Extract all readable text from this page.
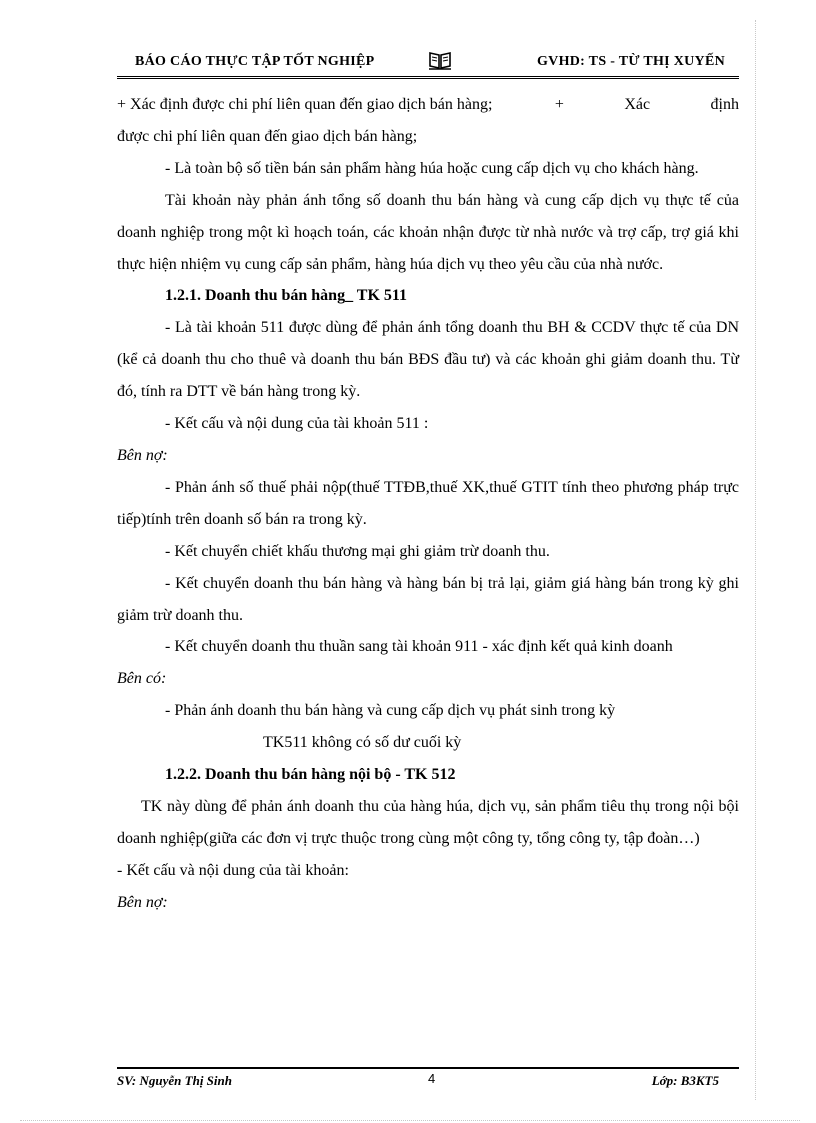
BÁO CÁO THỰC TẬP TỐT NGHIỆP	GVHD: TS - TỪ THỊ XUYẾN
+ Xác định được chi phí liên quan đến giao dịch bán hàng;	+	Xác	định

được chi phí liên quan đến giao dịch bán hàng;

- Là toàn bộ số tiền bán sản phẩm hàng húa hoặc cung cấp dịch vụ cho khách hàng.

Tài khoản này phản ánh tổng số doanh thu bán hàng và cung cấp dịch vụ thực tế của doanh nghiệp trong một kì hoạch toán, các khoản nhận được từ nhà nước và trợ cấp, trợ giá khi thực hiện nhiệm vụ cung cấp sản phẩm, hàng húa dịch vụ theo yêu cầu của nhà nước.

1.2.1. Doanh thu bán hàng_ TK 511

- Là tài khoản 511 được dùng để phản ánh tổng doanh thu BH & CCDV thực tế của DN (kể cả doanh thu cho thuê và doanh thu bán BĐS đầu tư) và các khoản ghi giảm doanh thu. Từ đó, tính ra DTT về bán hàng trong kỳ.

- Kết cấu và nội dung của tài khoản 511 :

Bên nợ:

- Phản ánh số thuế phải nộp(thuế TTĐB,thuế XK,thuế GTIT tính theo phương pháp trực tiếp)tính trên doanh số bán ra trong kỳ.

- Kết chuyển chiết khấu thương mại ghi giảm trừ doanh thu.

- Kết chuyển doanh thu bán hàng và hàng bán bị trả lại, giảm giá hàng bán trong kỳ ghi giảm trừ doanh thu.

- Kết chuyển doanh thu thuần sang tài khoản 911 - xác định kết quả kinh doanh

Bên có:

- Phản ánh doanh thu bán hàng và cung cấp dịch vụ phát sinh trong kỳ

TK511 không có số dư cuối kỳ

1.2.2. Doanh thu bán hàng nội bộ - TK 512

TK này dùng để phản ánh doanh thu của hàng húa, dịch vụ, sản phẩm tiêu thụ trong nội bội doanh nghiệp(giữa các đơn vị trực thuộc trong cùng một công ty, tổng công ty, tập đoàn…)

- Kết cấu và nội dung của tài khoản:

Bên nợ:

SV: Nguyễn Thị Sinh	4	Lớp: B3KT5
